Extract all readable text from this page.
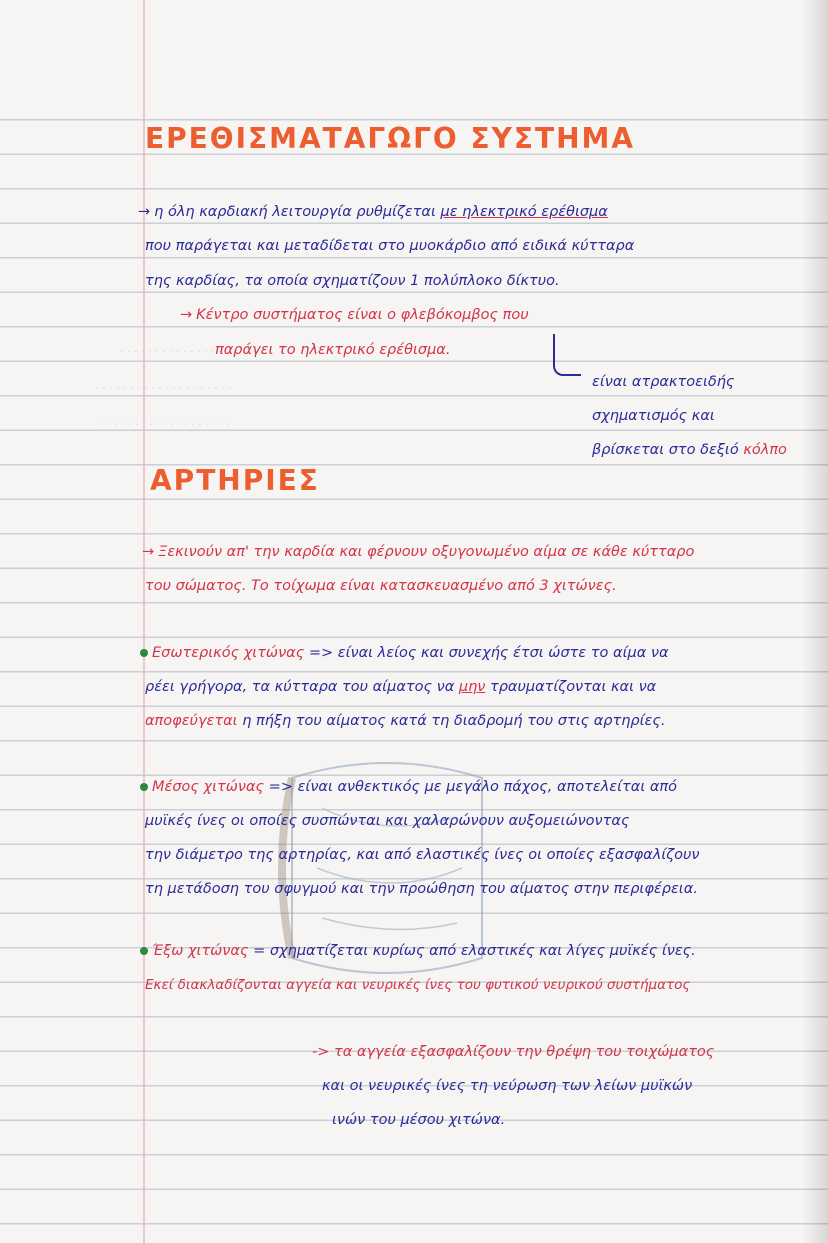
· · · · · · · · · · · · · · ·
· · · · · · · · · · · · · · · · · · · ·
· · · · · · · · · · · · · · · · · · ·
ΕΡΕΘΙΣΜΑΤΑΓΩΓΟ ΣΥΣΤΗΜΑ

→ η όλη καρδιακή λειτουργία ρυθμίζεται με ηλεκτρικό ερέθισμα

που παράγεται και μεταδίδεται στο μυοκάρδιο από ειδικά κύτταρα

της καρδίας, τα οποία σχηματίζουν 1 πολύπλοκο δίκτυο.

→ Κέντρο συστήματος είναι ο φλεβόκομβος που

παράγει το ηλεκτρικό ερέθισμα.

είναι ατρακτοειδής

σχηματισμός και

βρίσκεται στο δεξιό κόλπο

ΑΡΤΗΡΙΕΣ

→ Ξεκινούν απ' την καρδία και φέρνουν οξυγονωμένο αίμα σε κάθε κύτταρο

του σώματος. Το τοίχωμα είναι κατασκευασμένο από 3 χιτώνες.

Εσωτερικός χιτώνας => είναι λείος και συνεχής έτσι ώστε το αίμα να

ρέει γρήγορα, τα κύτταρα του αίματος να μην τραυματίζονται και να

αποφεύγεται η πήξη του αίματος κατά τη διαδρομή του στις αρτηρίες.

Μέσος χιτώνας => είναι ανθεκτικός με μεγάλο πάχος, αποτελείται από

μυϊκές ίνες οι οποίες συσπώνται και χαλαρώνουν αυξομειώνοντας

την διάμετρο της αρτηρίας, και από ελαστικές ίνες οι οποίες εξασφαλίζουν

τη μετάδοση του σφυγμού και την προώθηση του αίματος στην περιφέρεια.

Έξω χιτώνας = σχηματίζεται κυρίως από ελαστικές και λίγες μυϊκές ίνες.

Εκεί διακλαδίζονται αγγεία και νευρικές ίνες του φυτικού νευρικού συστήματος

-> τα αγγεία εξασφαλίζουν την θρέψη του τοιχώματος

και οι νευρικές ίνες τη νεύρωση των λείων μυϊκών

ινών του μέσου χιτώνα.
